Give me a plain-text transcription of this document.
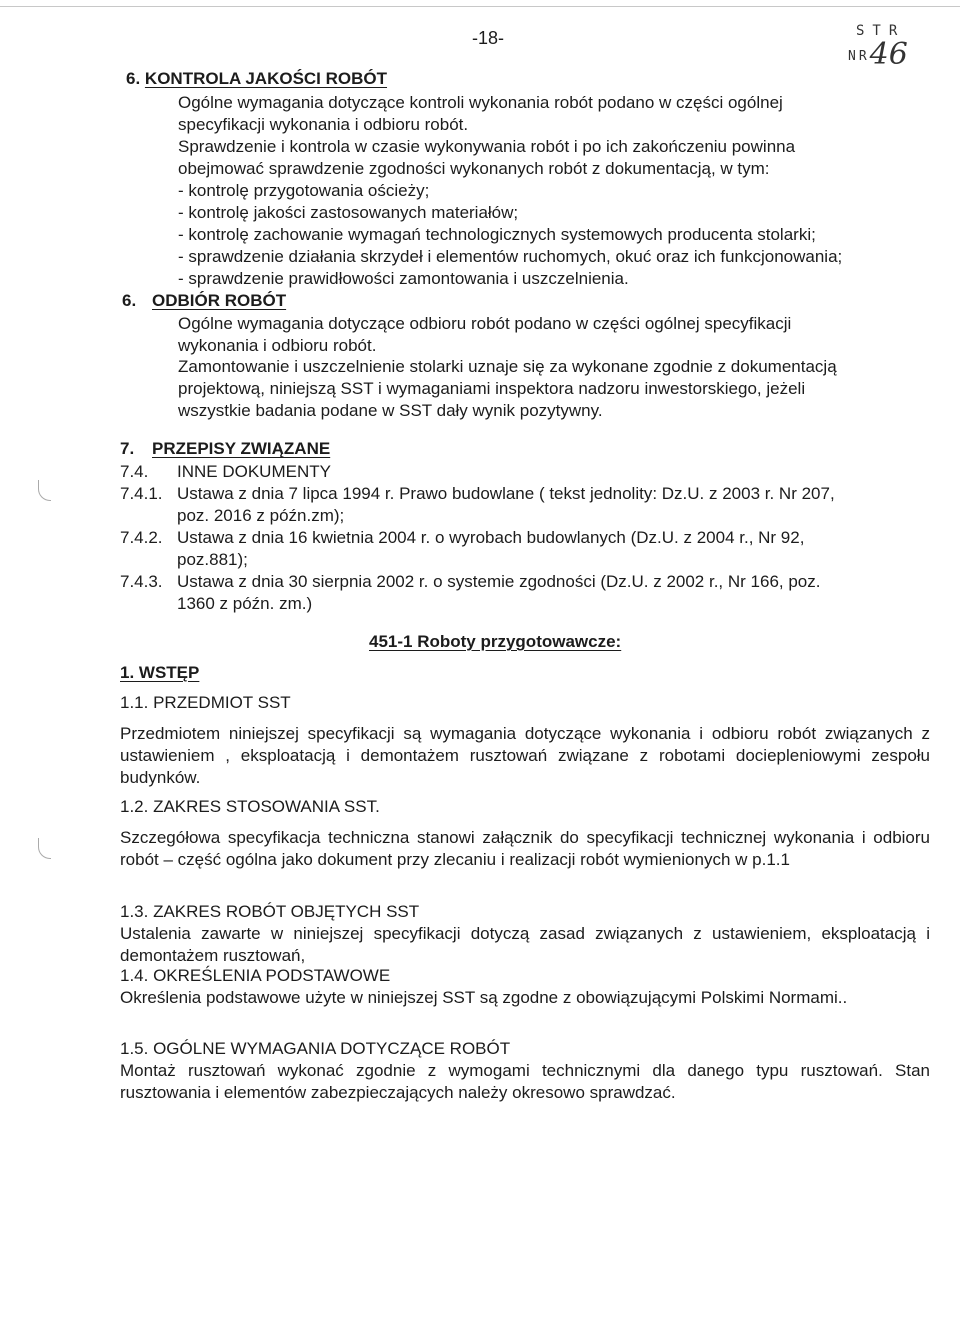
-18-	STR
NR46
6. KONTROLA JAKOŚCI ROBÓT
Ogólne wymagania dotyczące kontroli wykonania robót podano w części ogólnej
specyfikacji wykonania i odbioru robót.
Sprawdzenie i kontrola w czasie wykonywania robót i po ich zakończeniu powinna
obejmować sprawdzenie zgodności wykonanych robót z dokumentacją, w tym:
- kontrolę przygotowania ościeży;
- kontrolę jakości zastosowanych materiałów;
- kontrolę zachowanie wymagań technologicznych systemowych producenta stolarki;
- sprawdzenie działania skrzydeł i elementów ruchomych, okuć oraz ich funkcjonowania;
- sprawdzenie prawidłowości zamontowania i uszczelnienia.
6. ODBIÓR ROBÓT
Ogólne wymagania dotyczące odbioru robót podano w części ogólnej specyfikacji
wykonania i odbioru robót.
Zamontowanie i uszczelnienie stolarki uznaje się za wykonane zgodnie z dokumentacją
projektową, niniejszą SST i wymaganiami inspektora nadzoru inwestorskiego, jeżeli
wszystkie badania podane w SST dały wynik pozytywny.
7. PRZEPISY ZWIĄZANE
7.4. INNE DOKUMENTY
7.4.1. Ustawa z dnia 7 lipca 1994 r. Prawo budowlane ( tekst jednolity: Dz.U. z 2003 r. Nr 207,
poz. 2016 z późn.zm);
7.4.2. Ustawa z dnia 16 kwietnia 2004 r. o wyrobach budowlanych (Dz.U. z 2004 r., Nr 92,
poz.881);
7.4.3. Ustawa z dnia 30 sierpnia 2002 r. o systemie zgodności (Dz.U. z 2002 r., Nr 166, poz.
1360 z późn. zm.)
451-1 Roboty przygotowawcze:
1. WSTĘP
1.1. PRZEDMIOT SST
Przedmiotem niniejszej specyfikacji są wymagania dotyczące wykonania i odbioru robót związanych z ustawieniem , eksploatacją i demontażem rusztowań związane z robotami dociepleniowymi zespołu budynków.
1.2. ZAKRES STOSOWANIA SST.
Szczegółowa specyfikacja techniczna stanowi załącznik do specyfikacji technicznej wykonania i odbioru robót – część ogólna jako dokument przy zlecaniu i realizacji robót wymienionych w p.1.1
1.3. ZAKRES ROBÓT OBJĘTYCH SST
Ustalenia zawarte w niniejszej specyfikacji dotyczą zasad związanych z ustawieniem, eksploatacją i demontażem rusztowań,
1.4. OKREŚLENIA PODSTAWOWE
Określenia podstawowe użyte w niniejszej SST są zgodne z obowiązującymi Polskimi Normami..
1.5. OGÓLNE WYMAGANIA DOTYCZĄCE ROBÓT
Montaż rusztowań wykonać zgodnie z wymogami technicznymi dla danego typu rusztowań. Stan rusztowania i elementów zabezpieczających należy okresowo sprawdzać.
